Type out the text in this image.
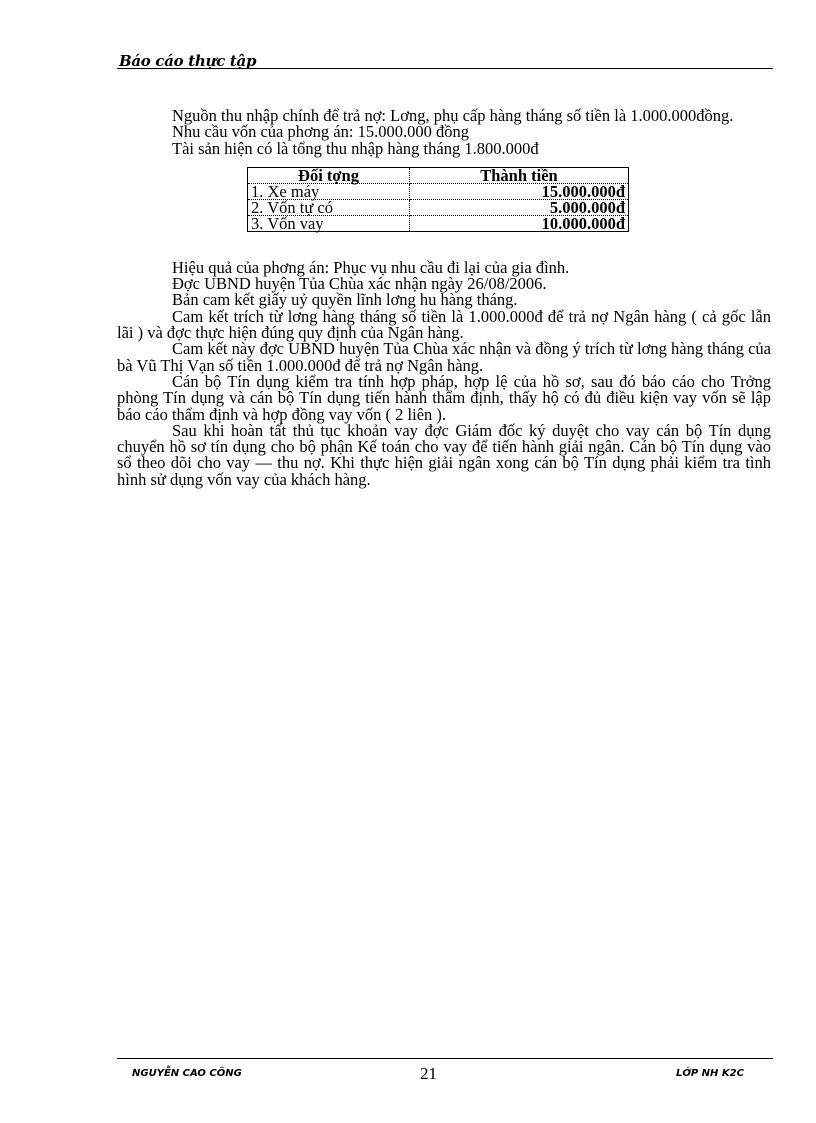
Báo cáo thực tập

Nguồn thu nhập chính để trả nợ: Lơng, phụ cấp hàng tháng số tiền là 1.000.000đồng.

Nhu cầu vốn của phơng án: 15.000.000 đồng

Tài sản hiện có là tổng thu nhập hàng tháng 1.800.000đ

Đối tợng	Thành tiền
1. Xe máy	15.000.000đ
2. Vốn tự có	5.000.000đ
3. Vốn vay	10.000.000đ

Hiệu quả của phơng án: Phục vụ nhu cầu đi lại của gia đình.

Đợc UBND huyện Tủa Chùa xác nhận ngày 26/08/2006.

Bản cam kết giấy uỷ quyền lĩnh lơng hu hàng tháng.

Cam kết trích từ lơng hàng tháng số tiền là 1.000.000đ để trả nợ Ngân hàng ( cả gốc lẫn lãi ) và đợc thực hiện đúng quy định của Ngân hàng.

Cam kết này đợc UBND huyện Tủa Chùa xác nhận và đồng ý trích từ lơng hàng tháng của bà Vũ Thị Vạn số tiền 1.000.000đ để trả nợ Ngân hàng.

Cán bộ Tín dụng kiểm tra tính hợp pháp, hợp lệ của hồ sơ, sau đó báo cáo cho Trởng phòng Tín dụng và cán bộ Tín dụng tiến hành thẩm định, thấy hộ có đủ điều kiện vay vốn sẽ lập báo cáo thẩm định và hợp đồng vay vốn ( 2 liên ).

Sau khi hoàn tất thủ tục khoản vay đợc Giám đốc ký duyệt cho vay cán bộ Tín dụng chuyển hồ sơ tín dụng cho bộ phận Kế toán cho vay để tiến hành giải ngân. Cán bộ Tín dụng vào sổ theo dõi cho vay — thu nợ. Khi thực hiện giải ngân xong cán bộ Tín dụng phải kiểm tra tình hình sử dụng vốn vay của khách hàng.

NGUYỄN CAO CÔNG	21	LỚP NH K2C
